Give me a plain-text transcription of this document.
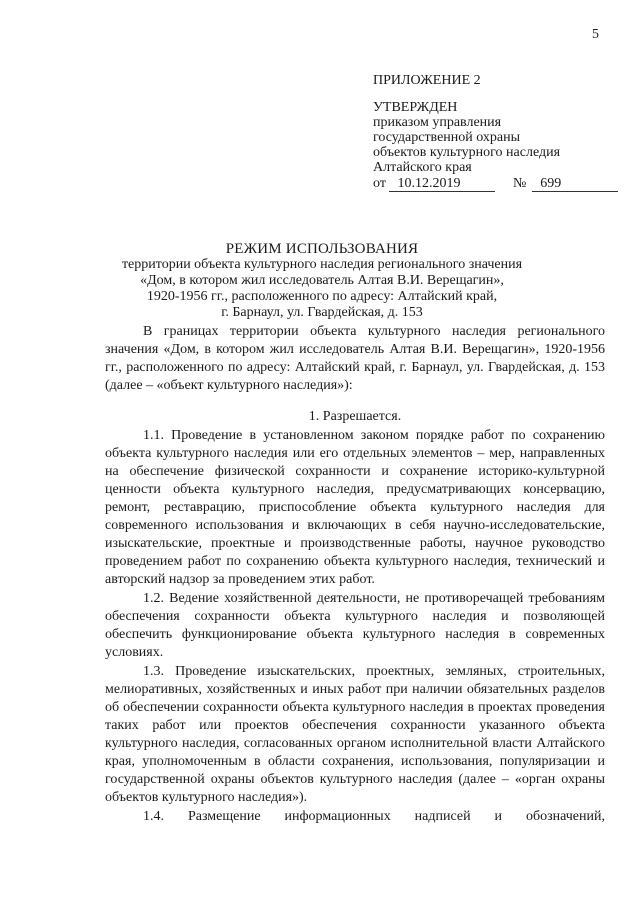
5

ПРИЛОЖЕНИЕ 2

УТВЕРЖДЕН

приказом управления

государственной охраны

объектов культурного наследия

Алтайского края

от 10.12.2019	№ 699
РЕЖИМ ИСПОЛЬЗОВАНИЯ
территории объекта культурного наследия регионального значения
«Дом, в котором жил исследователь Алтая В.И. Верещагин»,
1920-1956 гг., расположенного по адресу: Алтайский край,
г. Барнаул, ул. Гвардейская, д. 153

В границах территории объекта культурного наследия регионального значения «Дом, в котором жил исследователь Алтая В.И. Верещагин», 1920-1956 гг., расположенного по адресу: Алтайский край, г. Барнаул, ул. Гвардейская, д. 153 (далее – «объект культурного наследия»):

1. Разрешается.

1.1. Проведение в установленном законом порядке работ по сохранению объекта культурного наследия или его отдельных элементов – мер, направленных на обеспечение физической сохранности и сохранение историко-культурной ценности объекта культурного наследия, предусматривающих консервацию, ремонт, реставрацию, приспособление объекта культурного наследия для современного использования и включающих в себя научно-исследовательские, изыскательские, проектные и производственные работы, научное руководство проведением работ по сохранению объекта культурного наследия, технический и авторский надзор за проведением этих работ.

1.2. Ведение хозяйственной деятельности, не противоречащей требованиям обеспечения сохранности объекта культурного наследия и позволяющей обеспечить функционирование объекта культурного наследия в современных условиях.

1.3. Проведение изыскательских, проектных, земляных, строительных, мелиоративных, хозяйственных и иных работ при наличии обязательных разделов об обеспечении сохранности объекта культурного наследия в проектах проведения таких работ или проектов обеспечения сохранности указанного объекта культурного наследия, согласованных органом исполнительной власти Алтайского края, уполномоченным в области сохранения, использования, популяризации и государственной охраны объектов культурного наследия (далее – «орган охраны объектов культурного наследия»).

1.4. Размещение информационных надписей и обозначений,
